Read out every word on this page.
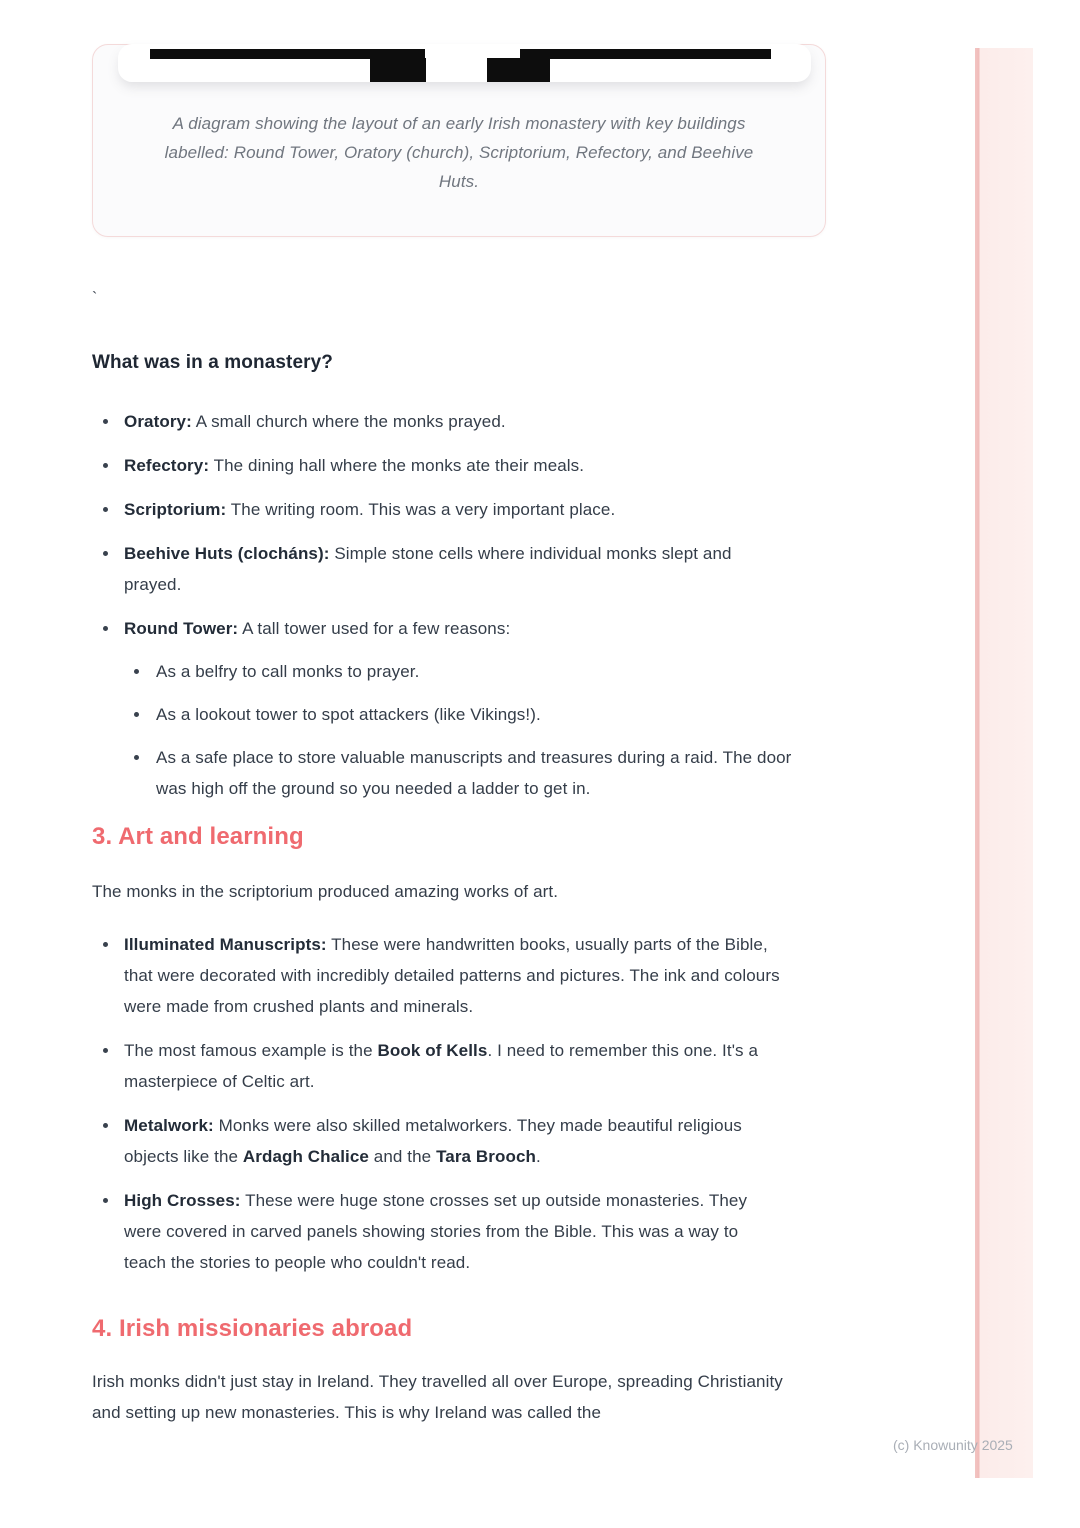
A diagram showing the layout of an early Irish monastery with key buildings labelled: Round Tower, Oratory (church), Scriptorium, Refectory, and Beehive Huts.
`
What was in a monastery?
Oratory: A small church where the monks prayed.
Refectory: The dining hall where the monks ate their meals.
Scriptorium: The writing room. This was a very important place.
Beehive Huts (clocháns): Simple stone cells where individual monks slept and prayed.
Round Tower: A tall tower used for a few reasons:
As a belfry to call monks to prayer.
As a lookout tower to spot attackers (like Vikings!).
As a safe place to store valuable manuscripts and treasures during a raid. The door was high off the ground so you needed a ladder to get in.
3. Art and learning

The monks in the scriptorium produced amazing works of art.

Illuminated Manuscripts: These were handwritten books, usually parts of the Bible, that were decorated with incredibly detailed patterns and pictures. The ink and colours were made from crushed plants and minerals.
The most famous example is the Book of Kells. I need to remember this one. It's a masterpiece of Celtic art.
Metalwork: Monks were also skilled metalworkers. They made beautiful religious objects like the Ardagh Chalice and the Tara Brooch.
High Crosses: These were huge stone crosses set up outside monasteries. They were covered in carved panels showing stories from the Bible. This was a way to teach the stories to people who couldn't read.
4. Irish missionaries abroad

Irish monks didn't just stay in Ireland. They travelled all over Europe, spreading Christianity and setting up new monasteries. This is why Ireland was called the

(c) Knowunity 2025
